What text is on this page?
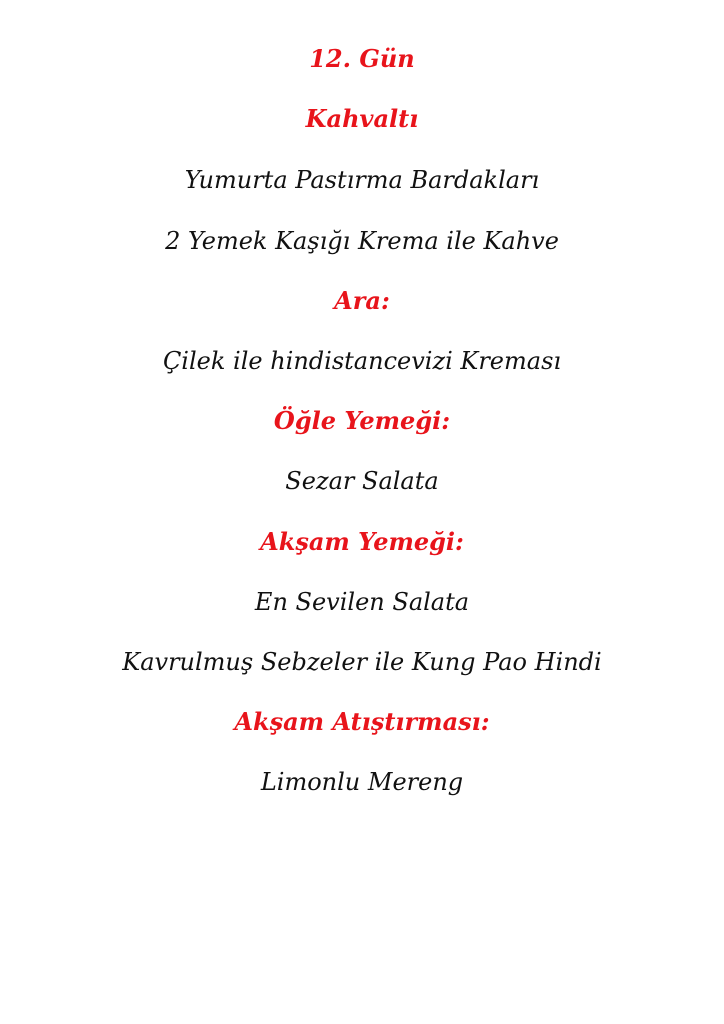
12. Gün
Kahvaltı
Yumurta Pastırma Bardakları
2 Yemek Kaşığı Krema ile Kahve
Ara:
Çilek ile hindistancevizi Kreması
Öğle Yemeği:
Sezar Salata
Akşam Yemeği:
En Sevilen Salata
Kavrulmuş Sebzeler ile Kung Pao Hindi
Akşam Atıştırması:
Limonlu Mereng
